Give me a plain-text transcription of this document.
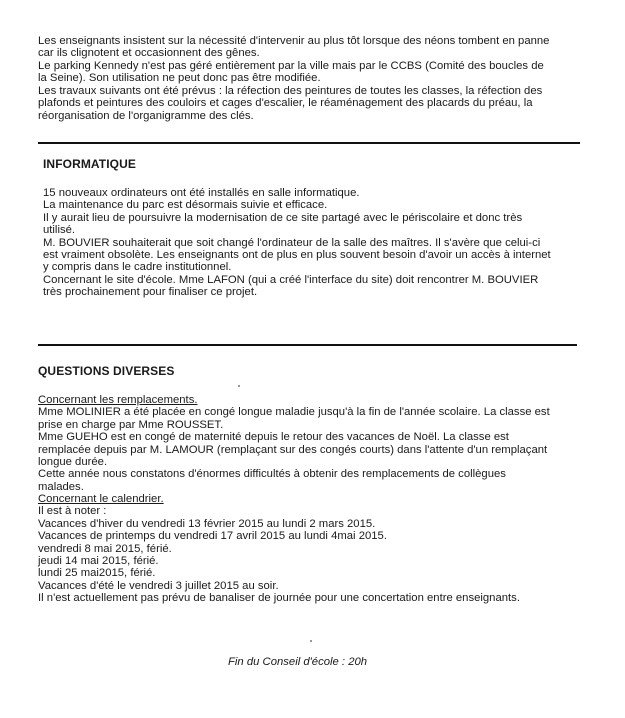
Les enseignants insistent sur la nécessité d'intervenir au plus tôt lorsque des néons tombent en panne
car ils clignotent et occasionnent des gênes.
Le parking Kennedy n'est pas géré entièrement par la ville mais par le CCBS (Comité des boucles de
la Seine). Son utilisation ne peut donc pas être modifiée.
Les travaux suivants ont été prévus : la réfection des peintures de toutes les classes, la réfection des
plafonds et peintures des couloirs et cages d'escalier, le réaménagement des placards du préau, la
réorganisation de l'organigramme des clés.
INFORMATIQUE
15 nouveaux ordinateurs ont été installés en salle informatique.
La maintenance du parc est désormais suivie et efficace.
Il y aurait lieu de poursuivre la modernisation de ce site partagé avec le périscolaire et donc très
utilisé.
M. BOUVIER souhaiterait que soit changé l'ordinateur de la salle des maîtres. Il s'avère que celui-ci
est vraiment obsolète. Les enseignants ont de plus en plus souvent besoin d'avoir un accès à internet
y compris dans le cadre institutionnel.
Concernant le site d'école. Mme LAFON (qui a créé l'interface du site) doit rencontrer M. BOUVIER
très prochainement pour finaliser ce projet.
QUESTIONS DIVERSES
Concernant les remplacements.
Mme MOLINIER a été placée en congé longue maladie jusqu'à la fin de l'année scolaire. La classe est
prise en charge par Mme ROUSSET.
Mme GUEHO est en congé de maternité depuis le retour des vacances de Noël. La classe est
remplacée depuis par M. LAMOUR (remplaçant sur des congés courts) dans l'attente d'un remplaçant
longue durée.
Cette année nous constatons d'énormes difficultés à obtenir des remplacements de collègues
malades.
Concernant le calendrier.
Il est à noter :
Vacances d'hiver du vendredi 13 février 2015 au lundi 2 mars 2015.
Vacances de printemps du vendredi 17 avril 2015 au lundi 4mai 2015.
vendredi 8 mai 2015, férié.
jeudi 14 mai 2015, férié.
lundi 25 mai2015, férié.
Vacances d'été le vendredi 3 juillet 2015 au soir.
Il n'est actuellement pas prévu de banaliser de journée pour une concertation entre enseignants.

Fin du Conseil d'école : 20h
